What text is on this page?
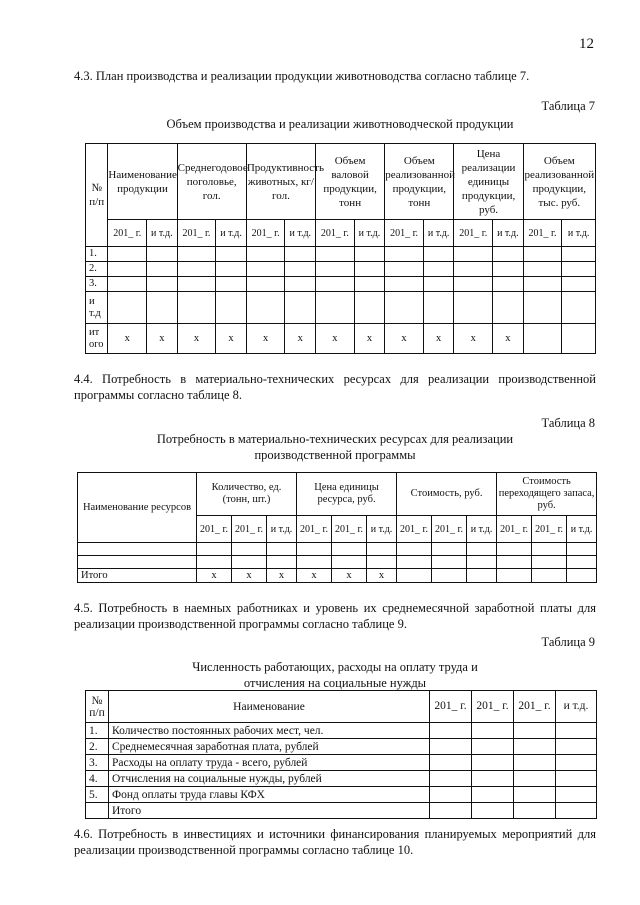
12
4.3. План производства и реализации продукции животноводства согласно таблице 7.
Таблица 7
Объем производства и реализации животноводческой продукции
№ п/п	Наименование продукции		Среднегодовое поголовье, гол.		Продуктивность животных, кг/гол.		Объем валовой продукции, тонн		Объем реализованной продукции, тонн		Цена реализации единицы продукции, руб.		Объем реализованной продукции, тыс. руб.	
	201_ г.	и т.д.	201_ г.	и т.д.	201_ г.	и т.д.	201_ г.	и т.д.	201_ г.	и т.д.	201_ г.	и т.д.	201_ г.	и т.д.
1.														
2.														
3.														
и т.д														
ит ого	x	x	x	x	x	x	x	x	x	x	x	x		
4.4. Потребность в материально-технических ресурсах для реализации производственной программы согласно таблице 8.
Таблица 8
Потребность в материально-технических ресурсах для реализации производственной программы
Наименование ресурсов	Количество, ед. (тонн, шт.)			Цена единицы ресурса, руб.			Стоимость, руб.			Стоимость переходящего запаса, руб.		
	201_ г.	201_ г.	и т.д.	201_ г.	201_ г.	и т.д.	201_ г.	201_ г.	и т.д.	201_ г.	201_ г.	и т.д.

Итого	x	x	x	x	x	x						
4.5. Потребность в наемных работниках и уровень их среднемесячной заработной платы для реализации производственной программы согласно таблице 9.
Таблица 9
Численность работающих, расходы на оплату труда и отчисления на социальные нужды
№ п/п	Наименование	201_ г.	201_ г.	201_ г.	и т.д.
1.	Количество постоянных рабочих мест, чел.				
2.	Среднемесячная заработная плата, рублей				
3.	Расходы на оплату труда - всего, рублей				
4.	Отчисления на социальные нужды, рублей				
5.	Фонд оплаты труда главы КФХ				
	Итого				
4.6. Потребность в инвестициях и источники финансирования планируемых мероприятий для реализации производственной программы согласно таблице 10.
